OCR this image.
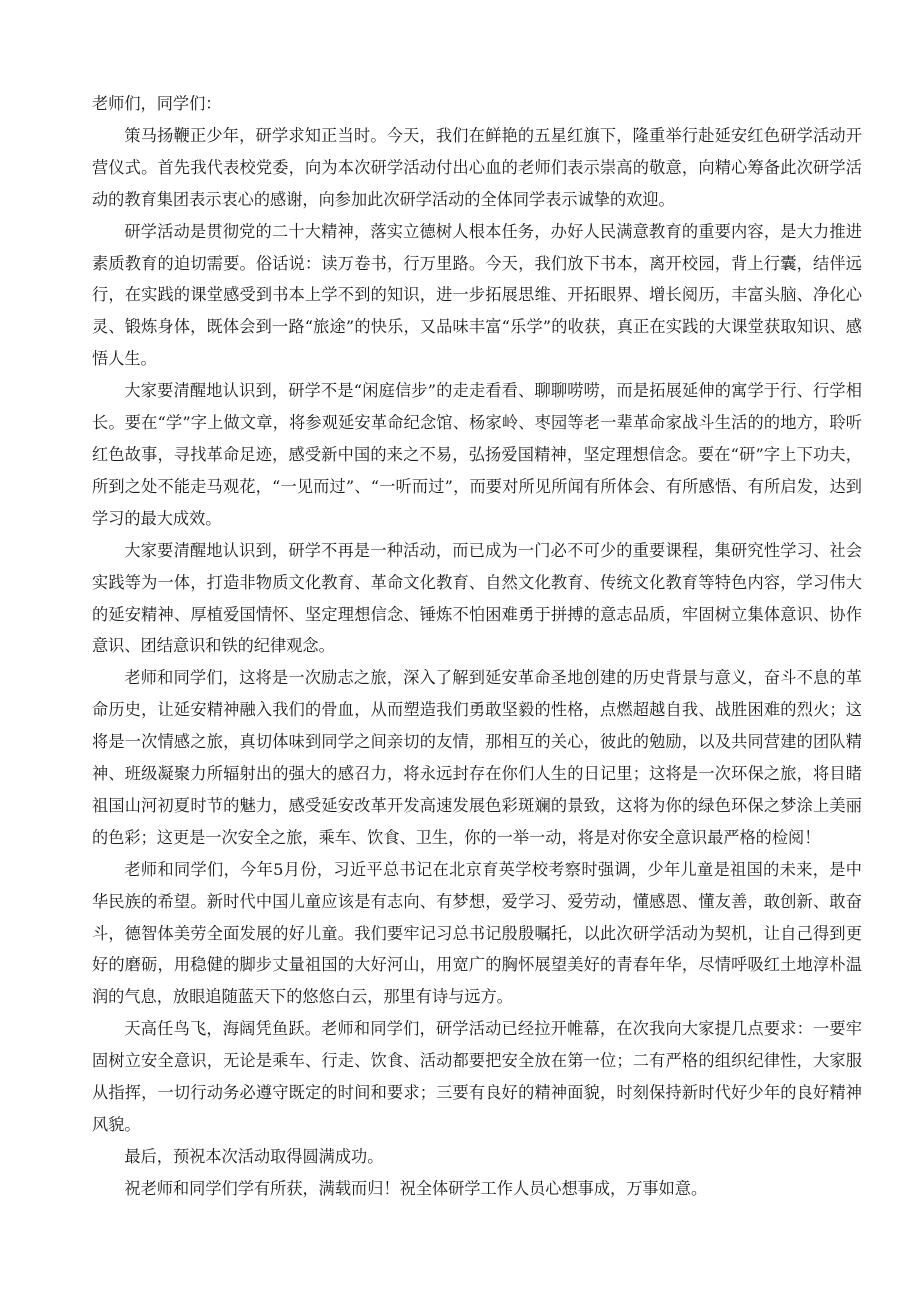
老师们，同学们：

策马扬鞭正少年，研学求知正当时。今天，我们在鲜艳的五星红旗下，隆重举行赴延安红色研学活动开营仪式。首先我代表校党委，向为本次研学活动付出心血的老师们表示崇高的敬意，向精心筹备此次研学活动的教育集团表示衷心的感谢，向参加此次研学活动的全体同学表示诚挚的欢迎。

研学活动是贯彻党的二十大精神，落实立德树人根本任务，办好人民满意教育的重要内容，是大力推进素质教育的迫切需要。俗话说：读万卷书，行万里路。今天，我们放下书本，离开校园，背上行囊，结伴远行，在实践的课堂感受到书本上学不到的知识，进一步拓展思维、开拓眼界、增长阅历，丰富头脑、净化心灵、锻炼身体，既体会到一路“旅途”的快乐，又品味丰富“乐学”的收获，真正在实践的大课堂获取知识、感悟人生。

大家要清醒地认识到，研学不是“闲庭信步”的走走看看、聊聊唠唠，而是拓展延伸的寓学于行、行学相长。要在“学”字上做文章，将参观延安革命纪念馆、杨家岭、枣园等老一辈革命家战斗生活的的地方，聆听红色故事，寻找革命足迹，感受新中国的来之不易，弘扬爱国精神，坚定理想信念。要在“研”字上下功夫，所到之处不能走马观花，“一见而过”、“一听而过”，而要对所见所闻有所体会、有所感悟、有所启发，达到学习的最大成效。

大家要清醒地认识到，研学不再是一种活动，而已成为一门必不可少的重要课程，集研究性学习、社会实践等为一体，打造非物质文化教育、革命文化教育、自然文化教育、传统文化教育等特色内容，学习伟大的延安精神、厚植爱国情怀、坚定理想信念、锤炼不怕困难勇于拼搏的意志品质，牢固树立集体意识、协作意识、团结意识和铁的纪律观念。

老师和同学们，这将是一次励志之旅，深入了解到延安革命圣地创建的历史背景与意义，奋斗不息的革命历史，让延安精神融入我们的骨血，从而塑造我们勇敢坚毅的性格，点燃超越自我、战胜困难的烈火；这将是一次情感之旅，真切体味到同学之间亲切的友情，那相互的关心，彼此的勉励，以及共同营建的团队精神、班级凝聚力所辐射出的强大的感召力，将永远封存在你们人生的日记里；这将是一次环保之旅，将目睹祖国山河初夏时节的魅力，感受延安改革开发高速发展色彩斑斓的景致，这将为你的绿色环保之梦涂上美丽的色彩；这更是一次安全之旅，乘车、饮食、卫生，你的一举一动，将是对你安全意识最严格的检阅！

老师和同学们，今年5月份，习近平总书记在北京育英学校考察时强调，少年儿童是祖国的未来，是中华民族的希望。新时代中国儿童应该是有志向、有梦想，爱学习、爱劳动，懂感恩、懂友善，敢创新、敢奋斗，德智体美劳全面发展的好儿童。我们要牢记习总书记殷殷嘱托，以此次研学活动为契机，让自己得到更好的磨砺，用稳健的脚步丈量祖国的大好河山，用宽广的胸怀展望美好的青春年华，尽情呼吸红土地淳朴温润的气息，放眼追随蓝天下的悠悠白云，那里有诗与远方。

天高任鸟飞，海阔凭鱼跃。老师和同学们，研学活动已经拉开帷幕，在次我向大家提几点要求：一要牢固树立安全意识，无论是乘车、行走、饮食、活动都要把安全放在第一位；二有严格的组织纪律性，大家服从指挥，一切行动务必遵守既定的时间和要求；三要有良好的精神面貌，时刻保持新时代好少年的良好精神风貌。

最后，预祝本次活动取得圆满成功。

祝老师和同学们学有所获，满载而归！祝全体研学工作人员心想事成，万事如意。
